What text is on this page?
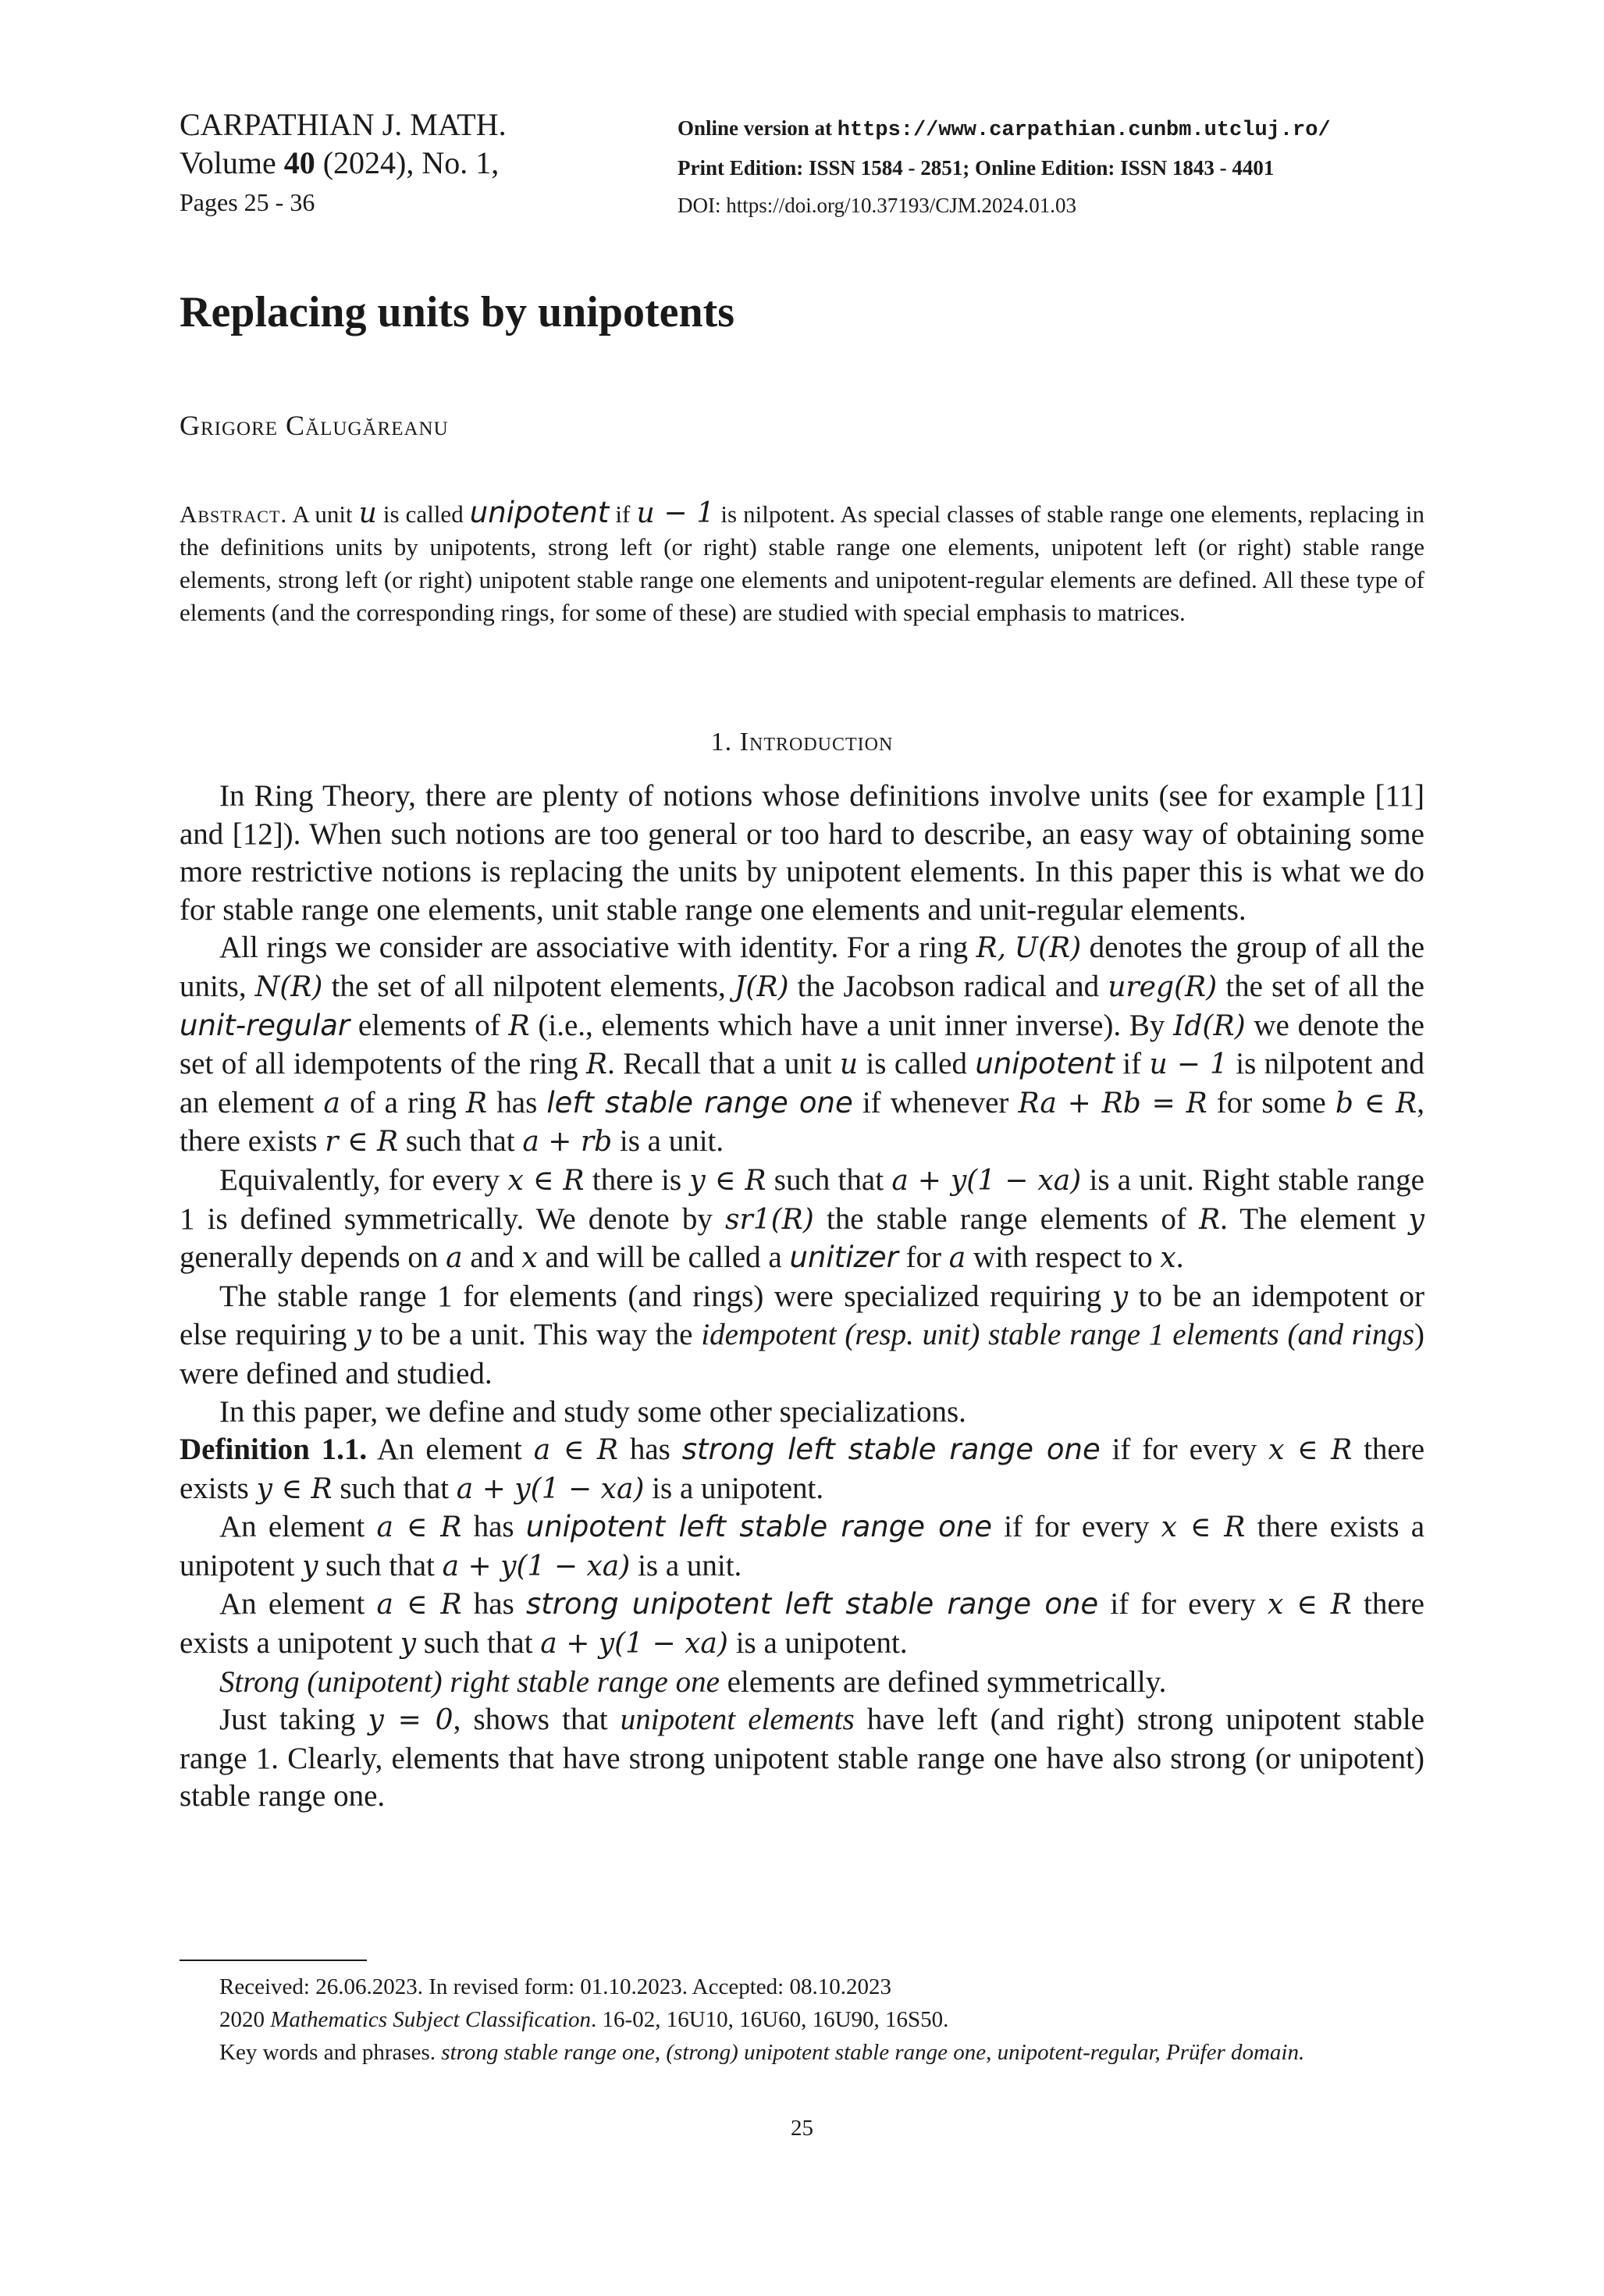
CARPATHIAN J. MATH.
Volume 40 (2024), No. 1,
Pages 25 - 36
Online version at https://www.carpathian.cunbm.utcluj.ro/
Print Edition: ISSN 1584 - 2851; Online Edition: ISSN 1843 - 4401
DOI: https://doi.org/10.37193/CJM.2024.01.03
Replacing units by unipotents
Grigore Călugăreanu
Abstract. A unit u is called unipotent if u − 1 is nilpotent. As special classes of stable range one elements, replacing in the definitions units by unipotents, strong left (or right) stable range one elements, unipotent left (or right) stable range elements, strong left (or right) unipotent stable range one elements and unipotent-regular elements are defined. All these type of elements (and the corresponding rings, for some of these) are studied with special emphasis to matrices.
1. Introduction

In Ring Theory, there are plenty of notions whose definitions involve units (see for example [11] and [12]). When such notions are too general or too hard to describe, an easy way of obtaining some more restrictive notions is replacing the units by unipotent elements. In this paper this is what we do for stable range one elements, unit stable range one elements and unit-regular elements.

All rings we consider are associative with identity. For a ring R, U(R) denotes the group of all the units, N(R) the set of all nilpotent elements, J(R) the Jacobson radical and ureg(R) the set of all the unit-regular elements of R (i.e., elements which have a unit inner inverse). By Id(R) we denote the set of all idempotents of the ring R. Recall that a unit u is called unipotent if u − 1 is nilpotent and an element a of a ring R has left stable range one if whenever Ra + Rb = R for some b ∈ R, there exists r ∈ R such that a + rb is a unit.

Equivalently, for every x ∈ R there is y ∈ R such that a + y(1 − xa) is a unit. Right stable range 1 is defined symmetrically. We denote by sr1(R) the stable range elements of R. The element y generally depends on a and x and will be called a unitizer for a with respect to x.

The stable range 1 for elements (and rings) were specialized requiring y to be an idempotent or else requiring y to be a unit. This way the idempotent (resp. unit) stable range 1 elements (and rings) were defined and studied.

In this paper, we define and study some other specializations.

Definition 1.1. An element a ∈ R has strong left stable range one if for every x ∈ R there exists y ∈ R such that a + y(1 − xa) is a unipotent.

An element a ∈ R has unipotent left stable range one if for every x ∈ R there exists a unipotent y such that a + y(1 − xa) is a unit.

An element a ∈ R has strong unipotent left stable range one if for every x ∈ R there exists a unipotent y such that a + y(1 − xa) is a unipotent.

Strong (unipotent) right stable range one elements are defined symmetrically.

Just taking y = 0, shows that unipotent elements have left (and right) strong unipotent stable range 1. Clearly, elements that have strong unipotent stable range one have also strong (or unipotent) stable range one.

Received: 26.06.2023. In revised form: 01.10.2023. Accepted: 08.10.2023

2020 Mathematics Subject Classification. 16-02, 16U10, 16U60, 16U90, 16S50.

Key words and phrases. strong stable range one, (strong) unipotent stable range one, unipotent-regular, Prüfer domain.

25
